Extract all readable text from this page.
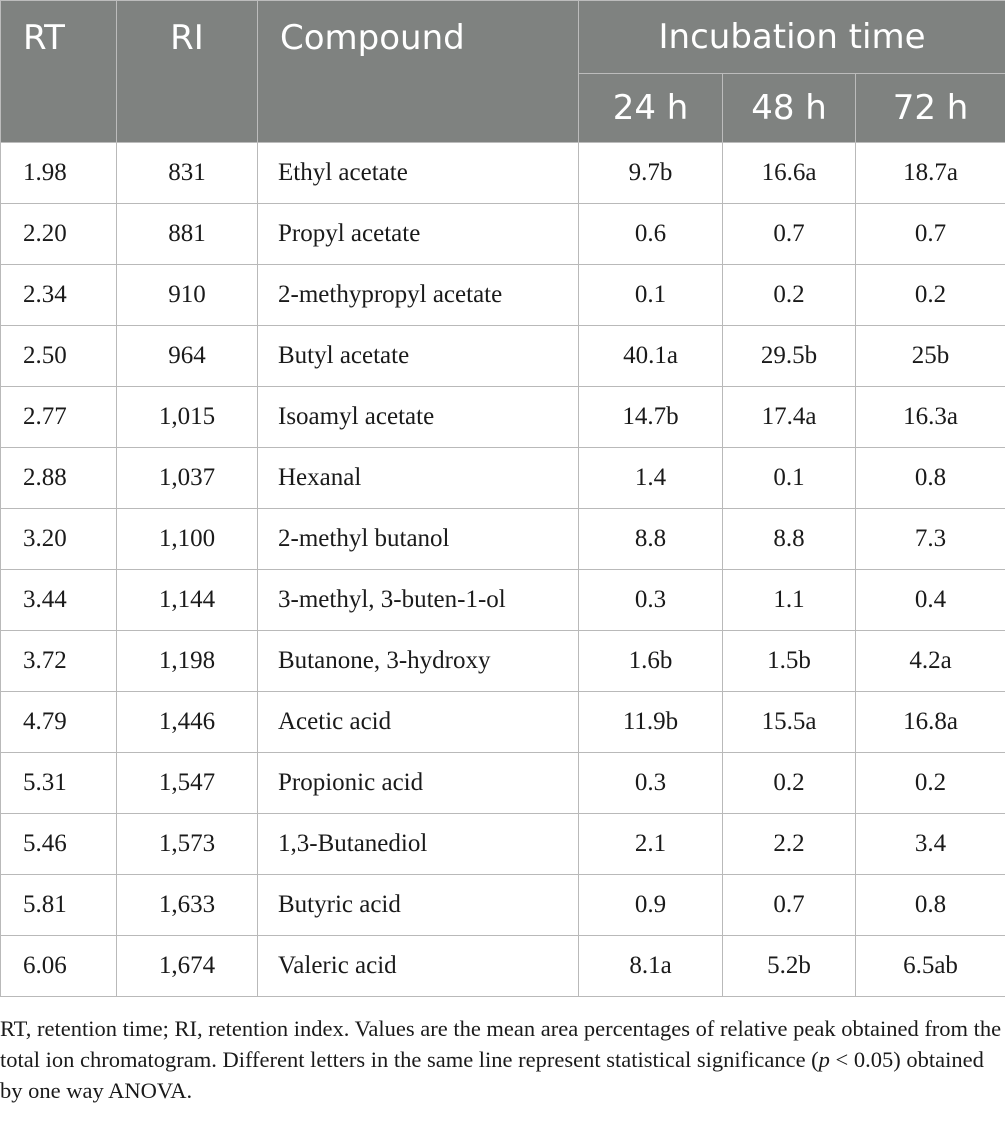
RT	RI	Compound	Incubation time		
			24 h	48 h	72 h
1.98	831	Ethyl acetate	9.7b	16.6a	18.7a
2.20	881	Propyl acetate	0.6	0.7	0.7
2.34	910	2-methypropyl acetate	0.1	0.2	0.2
2.50	964	Butyl acetate	40.1a	29.5b	25b
2.77	1,015	Isoamyl acetate	14.7b	17.4a	16.3a
2.88	1,037	Hexanal	1.4	0.1	0.8
3.20	1,100	2-methyl butanol	8.8	8.8	7.3
3.44	1,144	3-methyl, 3-buten-1-ol	0.3	1.1	0.4
3.72	1,198	Butanone, 3-hydroxy	1.6b	1.5b	4.2a
4.79	1,446	Acetic acid	11.9b	15.5a	16.8a
5.31	1,547	Propionic acid	0.3	0.2	0.2
5.46	1,573	1,3-Butanediol	2.1	2.2	3.4
5.81	1,633	Butyric acid	0.9	0.7	0.8
6.06	1,674	Valeric acid	8.1a	5.2b	6.5ab
RT, retention time; RI, retention index. Values are the mean area percentages of relative peak obtained from the total ion chromatogram. Different letters in the same line represent statistical significance (p < 0.05) obtained by one way ANOVA.
